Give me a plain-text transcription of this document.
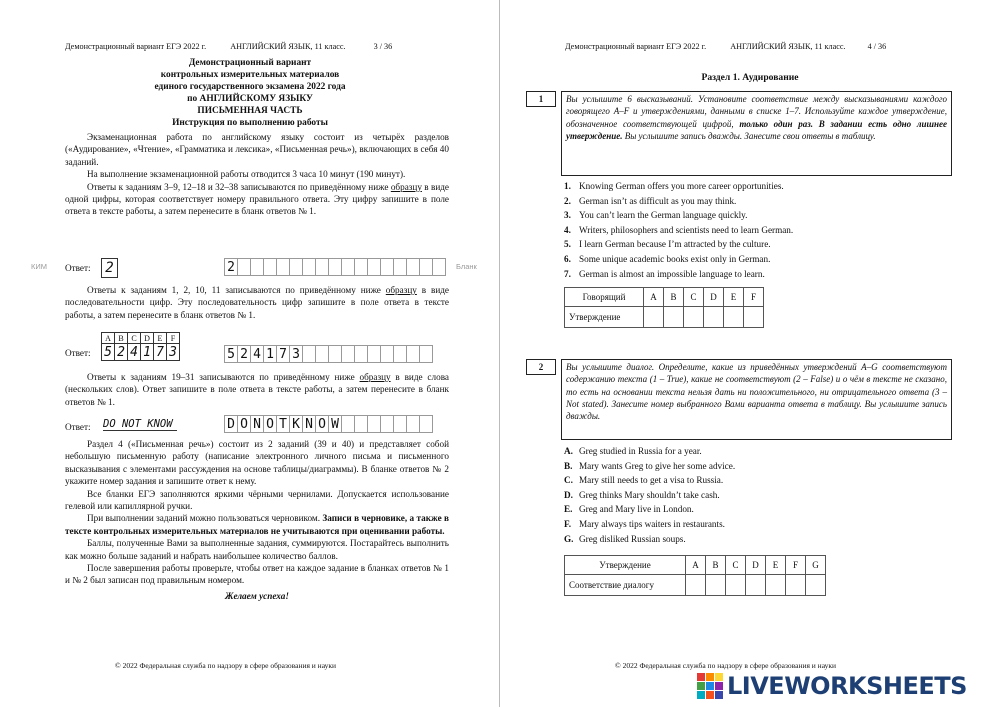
Демонстрационный вариант ЕГЭ 2022 г.	АНГЛИЙСКИЙ ЯЗЫК, 11 класс.	3 / 36
Демонстрационный вариант
контрольных измерительных материалов
единого государственного экзамена 2022 года
по АНГЛИЙСКОМУ ЯЗЫКУ
ПИСЬМЕННАЯ ЧАСТЬ
Инструкция по выполнению работы
Экзаменационная работа по английскому языку состоит из четырёх разделов («Аудирование», «Чтение», «Грамматика и лексика», «Письменная речь»), включающих в себя 40 заданий.
На выполнение экзаменационной работы отводится 3 часа 10 минут (190 минут).
Ответы к заданиям 3–9, 12–18 и 32–38 записываются по приведённому ниже образцу в виде одной цифры, которая соответствует номеру правильного ответа. Эту цифру запишите в поле ответа в тексте работы, а затем перенесите в бланк ответов № 1.
КИМ	Бланк
Ответ:	2	2
Ответы к заданиям 1, 2, 10, 11 записываются по приведённому ниже образцу в виде последовательности цифр. Эту последовательность цифр запишите в поле ответа в тексте работы, а затем перенесите в бланк ответов № 1.
Ответ:
A	B	C	D	E	F
5	2	4	1	7	3	5 2 4 1 7 3
Ответы к заданиям 19–31 записываются по приведённому ниже образцу в виде слова (нескольких слов). Ответ запишите в поле ответа в тексте работы, а затем перенесите в бланк ответов № 1.
Ответ:	DO NOT KNOW	D O N O T K N O W
Раздел 4 («Письменная речь») состоит из 2 заданий (39 и 40) и представляет собой небольшую письменную работу (написание электронного личного письма и письменного высказывания с элементами рассуждения на основе таблицы/диаграммы). В бланке ответов № 2 укажите номер задания и запишите ответ к нему.
Все бланки ЕГЭ заполняются яркими чёрными чернилами. Допускается использование гелевой или капиллярной ручки.
При выполнении заданий можно пользоваться черновиком. Записи в черновике, а также в тексте контрольных измерительных материалов не учитываются при оценивании работы.
Баллы, полученные Вами за выполненные задания, суммируются. Постарайтесь выполнить как можно больше заданий и набрать наибольшее количество баллов.
После завершения работы проверьте, чтобы ответ на каждое задание в бланках ответов № 1 и № 2 был записан под правильным номером.
Желаем успеха!
© 2022 Федеральная служба по надзору в сфере образования и науки
Демонстрационный вариант ЕГЭ 2022 г.	АНГЛИЙСКИЙ ЯЗЫК, 11 класс.	4 / 36
Раздел 1. Аудирование
1	Вы услышите 6 высказываний. Установите соответствие между высказываниями каждого говорящего A–F и утверждениями, данными в списке 1–7. Используйте каждое утверждение, обозначенное соответствующей цифрой, только один раз. В задании есть одно лишнее утверждение. Вы услышите запись дважды. Занесите свои ответы в таблицу.
1. Knowing German offers you more career opportunities.
2. German isn’t as difficult as you may think.
3. You can’t learn the German language quickly.
4. Writers, philosophers and scientists need to learn German.
5. I learn German because I’m attracted by the culture.
6. Some unique academic books exist only in German.
7. German is almost an impossible language to learn.
Говорящий	A	B	C	D	E	F
Утверждение						
2	Вы услышите диалог. Определите, какие из приведённых утверждений A–G соответствуют содержанию текста (1 – True), какие не соответствуют (2 – False) и о чём в тексте не сказано, то есть на основании текста нельзя дать ни положительного, ни отрицательного ответа (3 – Not stated). Занесите номер выбранного Вами варианта ответа в таблицу. Вы услышите запись дважды.
A. Greg studied in Russia for a year.
B. Mary wants Greg to give her some advice.
C. Mary still needs to get a visa to Russia.
D. Greg thinks Mary shouldn’t take cash.
E. Greg and Mary live in London.
F. Mary always tips waiters in restaurants.
G. Greg disliked Russian soups.
Утверждение	A	B	C	D	E	F	G
Соответствие диалогу							
© 2022 Федеральная служба по надзору в сфере образования и науки
LIVEWORKSHEETS
